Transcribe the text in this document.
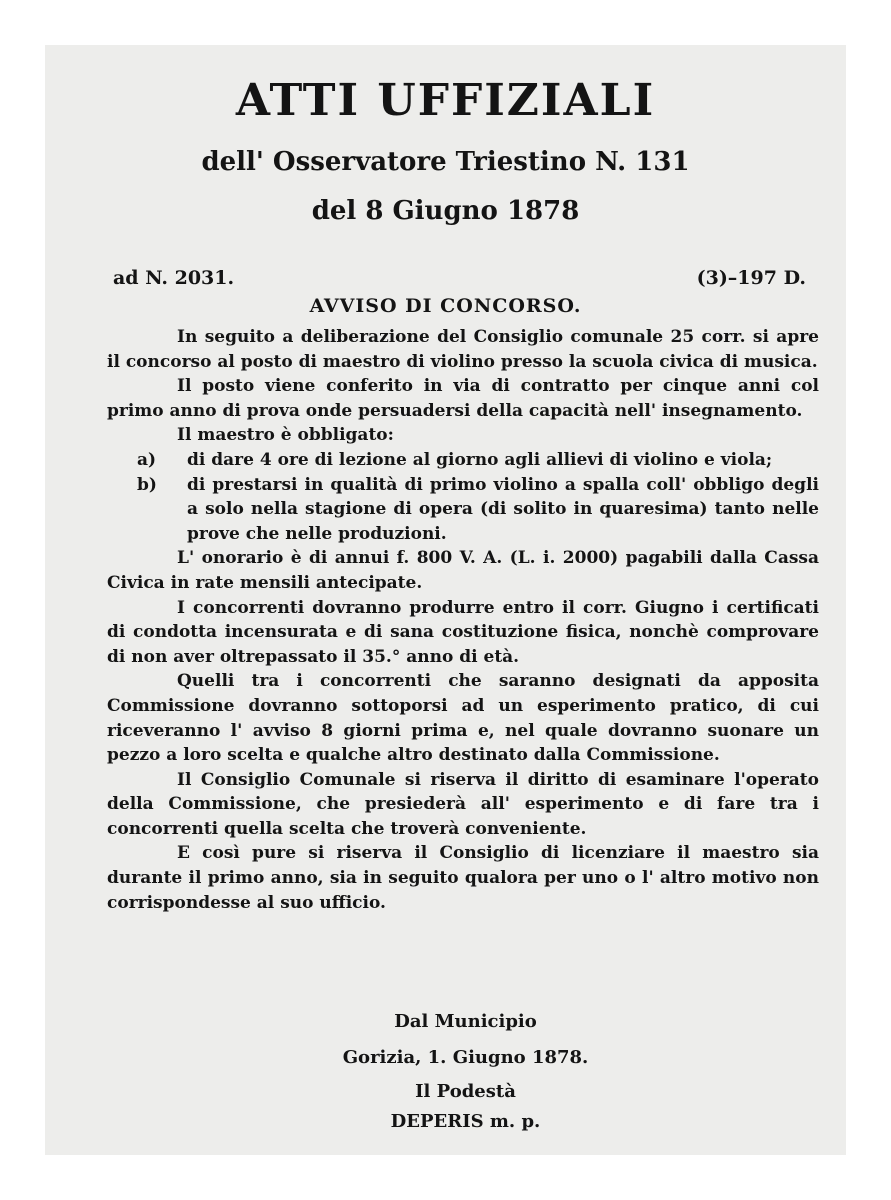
ATTI UFFIZIALI
dell' Osservatore Triestino N. 131
del 8 Giugno 1878
ad N. 2031.	(3)–197 D.
AVVISO DI CONCORSO.

In seguito a deliberazione del Consiglio comunale 25 corr. si apre il concorso al posto di maestro di violino presso la scuola civica di musica.

Il posto viene conferito in via di contratto per cinque anni col primo anno di prova onde persuadersi della capacità nell' insegnamento.

Il maestro è obbligato:

a)	di dare 4 ore di lezione al giorno agli allievi di violino e viola;
b)	di prestarsi in qualità di primo violino a spalla coll' obbligo degli a solo nella stagione di opera (di solito in quaresima) tanto nelle prove che nelle produzioni.

L' onorario è di annui f. 800 V. A. (L. i. 2000) pagabili dalla Cassa Civica in rate mensili antecipate.

I concorrenti dovranno produrre entro il corr. Giugno i certificati di condotta incensurata e di sana costituzione fisica, nonchè comprovare di non aver oltrepassato il 35.° anno di età.

Quelli tra i concorrenti che saranno designati da apposita Commissione dovranno sottoporsi ad un esperimento pratico, di cui riceveranno l' avviso 8 giorni prima e, nel quale dovranno suonare un pezzo a loro scelta e qualche altro destinato dalla Commissione.

Il Consiglio Comunale si riserva il diritto di esaminare l'operato della Commissione, che presiederà all' esperimento e di fare tra i concorrenti quella scelta che troverà conveniente.

E così pure si riserva il Consiglio di licenziare il maestro sia durante il primo anno, sia in seguito qualora per uno o l' altro motivo non corrispondesse al suo ufficio.

Dal Municipio
Gorizia, 1. Giugno 1878.
Il Podestà
DEPERIS m. p.
